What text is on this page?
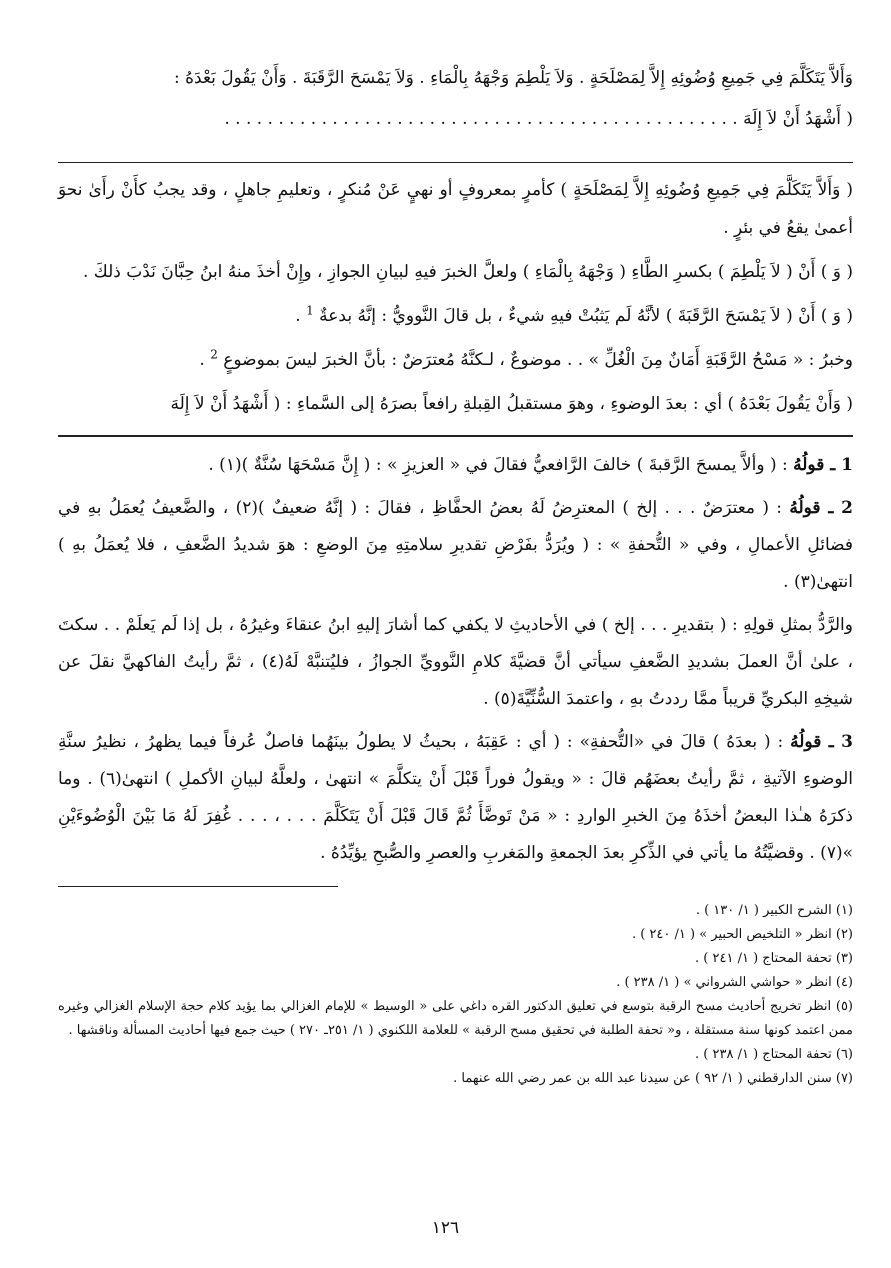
وَأَلاَّ يَتَكَلَّمَ فِي جَمِيعِ وُضُوئِهِ إِلاَّ لِمَصْلَحَةٍ . وَلاَ يَلْطِمَ وَجْهَهُ بِالْمَاءِ . وَلاَ يَمْسَحَ الرَّقَبَةَ . وَأَنْ يَقُولَ بَعْدَهُ :

( أَشْهَدُ أَنْ لاَ إِلَهَ . . . . . . . . . . . . . . . . . . . . . . . . . . . . . . . . . . . . . . . . . . . . . . . .

( وَأَلاَّ يَتَكَلَّمَ فِي جَمِيعِ وُضُوئِهِ إِلاَّ لِمَصْلَحَةٍ ) كأمرٍ بمعروفٍ أو نهيٍ عَنْ مُنكرٍ ، وتعليمِ جاهلٍ ، وقد يجبُ كأَنْ رأَىٰ نحوَ أعمىٰ يقعُ في بئرٍ .

( وَ ) أَنْ ( لاَ يَلْطِمَ ) بكسرِ الطَّاءِ ( وَجْهَهُ بِالْمَاءِ ) ولعلَّ الخبرَ فيهِ لبيانِ الجوازِ ، وإِنْ أخذَ منهُ ابنُ حِبَّانَ نَدْبَ ذلكَ .

( وَ ) أَنْ ( لاَ يَمْسَحَ الرَّقَبَةَ ) لأنَّهُ لَم يَثبُتْ فيهِ شيءٌ ، بل قالَ النَّوويُّ : إنَّهُ بدعةٌ $^1$ .

وخبرُ : « مَسْحُ الرَّقَبَةِ أَمَانٌ مِنَ الْغُلِّ » . . موضوعٌ ، لـكنَّهُ مُعترَضٌ : بأنَّ الخبرَ ليسَ بموضوعٍ $^2$ .

( وَأَنْ يَقُولَ بَعْدَهُ ) أي : بعدَ الوضوءِ ، وهوَ مستقبلُ القِبلةِ رافعاً بصرَهُ إلى السَّماءِ : ( أَشْهَدُ أَنْ لاَ إِلَهَ

1 ـ قولُهُ : ( وألاَّ يمسحَ الرَّقبةَ ) خالفَ الرَّافعيُّ فقالَ في « العزيزِ » : ( إِنَّ مَسْحَهَا سُنَّةٌ )(١) .

2 ـ قولُهُ : ( معترَضٌ . . . إلخ ) المعترِضُ لَهُ بعضُ الحفَّاظِ ، فقالَ : ( إنَّهُ ضعيفٌ )(٢) ، والضَّعيفُ يُعمَلُ بهِ في فضائلِ الأعمالِ ، وفي « التُّحفةِ » : ( ويُرَدُّ بفَرْضِ تقديرِ سلامتِهِ مِنَ الوضعِ : هوَ شديدُ الضَّعفِ ، فلا يُعمَلُ بهِ ) انتهىٰ(٣) .

والرَّدُّ بمثلِ قولِهِ : ( بتقديرِ . . . إلخ ) في الأحاديثِ لا يكفي كما أشارَ إليهِ ابنُ عنقاءَ وغيرُهُ ، بل إذا لَم يَعلَمْ . . سكتَ ، علىٰ أنَّ العملَ بشديدِ الضَّعفِ سيأتي أنَّ قضيَّةَ كلامِ النَّوويِّ الجوازُ ، فليُتنبَّهْ لَهُ(٤) ، ثمَّ رأيتُ الفاكهيَّ نقلَ عن شيخِهِ البكريِّ قريباً ممَّا رددتُ بهِ ، واعتمدَ السُّنِّيَّةَ(٥) .

3 ـ قولُهُ : ( بعدَهُ ) قالَ في «التُّحفةِ» : ( أي : عَقِبَهُ ، بحيثُ لا يطولُ بينَهُما فاصلٌ عُرفاً فيما يظهرُ ، نظيرُ سنَّةِ الوضوءِ الآتيةِ ، ثمَّ رأيتُ بعضَهُم قالَ : « ويقولُ فوراً قَبْلَ أَنْ يتكلَّمَ » انتهىٰ ، ولعلَّهُ لبيانِ الأكملِ ) انتهىٰ(٦) . وما ذكرَهُ هـٰذا البعضُ أخذَهُ مِنَ الخبرِ الواردِ : « مَنْ تَوضَّأَ ثُمَّ قَالَ قَبْلَ أَنْ يَتَكَلَّمَ . . . ، . . . غُفِرَ لَهُ مَا بَيْنَ الْوُضُوءَيْنِ »(٧) . وقضيَّتُهُ ما يأتي في الذِّكرِ بعدَ الجمعةِ والمَغربِ والعصرِ والصُّبحِ يؤيِّدُهُ .

(١) الشرح الكبير ( ١/ ١٣٠ ) .

(٢) انظر « التلخيص الحبير » ( ١/ ٢٤٠ ) .

(٣) تحفة المحتاج ( ١/ ٢٤١ ) .

(٤) انظر « حواشي الشرواني » ( ١/ ٢٣٨ ) .

(٥) انظر تخريج أحاديث مسح الرقبة بتوسع في تعليق الدكتور القره داغي على « الوسيط » للإمام الغزالي بما يؤيد كلام حجة الإسلام الغزالي وغيره ممن اعتمد كونها سنة مستقلة ، و« تحفة الطلبة في تحقيق مسح الرقبة » للعلامة اللكنوي ( ١/ ٢٥١ـ ٢٧٠ ) حيث جمع فيها أحاديث المسألة وناقشها .

(٦) تحفة المحتاج ( ١/ ٢٣٨ ) .

(٧) سنن الدارقطني ( ١/ ٩٢ ) عن سيدنا عبد الله بن عمر رضي الله عنهما .

١٢٦
